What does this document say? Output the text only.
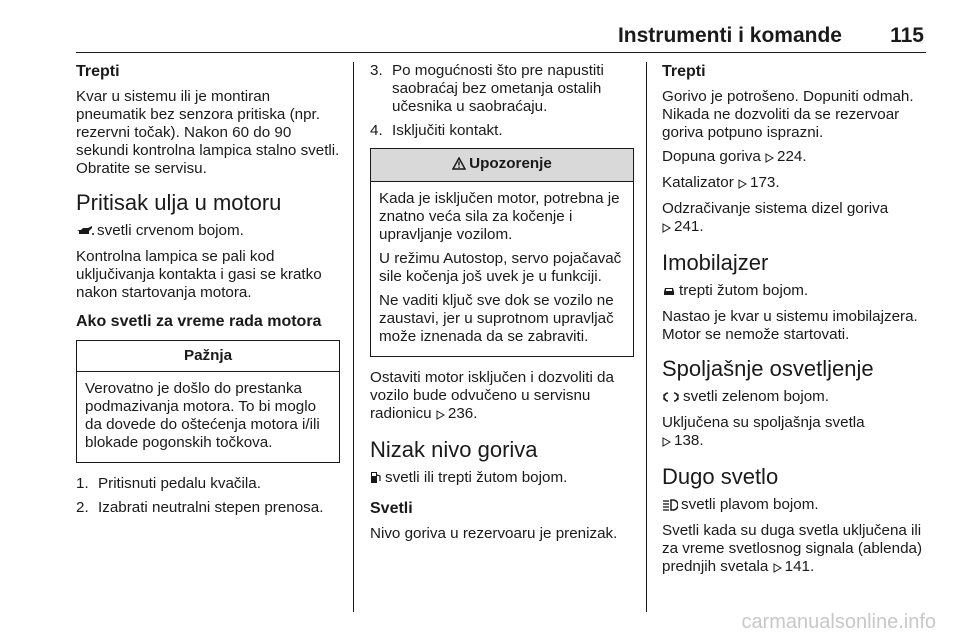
Instrumenti i komande 115
Trepti

Kvar u sistemu ili je montiran pneumatik bez senzora pritiska (npr. rezervni točak). Nakon 60 do 90 sekundi kontrolna lampica stalno svetli. Obratite se servisu.

Pritisak ulja u motoru

svetli crvenom bojom.

Kontrolna lampica se pali kod uključivanja kontakta i gasi se kratko nakon startovanja motora.

Ako svetli za vreme rada motora
Pažnja

Verovatno je došlo do prestanka podmazivanja motora. To bi moglo da dovede do oštećenja motora i/ili blokade pogonskih točkova.

1. Pritisnuti pedalu kvačila.
2. Izabrati neutralni stepen prenosa.
3. Po mogućnosti što pre napustiti saobraćaj bez ometanja ostalih učesnika u saobraćaju.
4. Isključiti kontakt.
Upozorenje

Kada je isključen motor, potrebna je znatno veća sila za kočenje i upravljanje vozilom.

U režimu Autostop, servo pojačavač sile kočenja još uvek je u funkciji.

Ne vaditi ključ sve dok se vozilo ne zaustavi, jer u suprotnom upravljač može iznenada da se zabraviti.

Ostaviti motor isključen i dozvoliti da vozilo bude odvučeno u servisnu radionicu 236.

Nizak nivo goriva

svetli ili trepti žutom bojom.

Svetli

Nivo goriva u rezervoaru je prenizak.

Trepti

Gorivo je potrošeno. Dopuniti odmah. Nikada ne dozvoliti da se rezervoar goriva potpuno isprazni.

Dopuna goriva 224.

Katalizator 173.

Odzračivanje sistema dizel goriva
241.

Imobilajzer

trepti žutom bojom.

Nastao je kvar u sistemu imobilajzera. Motor se nemože startovati.

Spoljašnje osvetljenje

svetli zelenom bojom.

Uključena su spoljašnja svetla
138.

Dugo svetlo

svetli plavom bojom.

Svetli kada su duga svetla uključena ili za vreme svetlosnog signala (ablenda) prednjih svetala 141.

carmanualsonline.info
